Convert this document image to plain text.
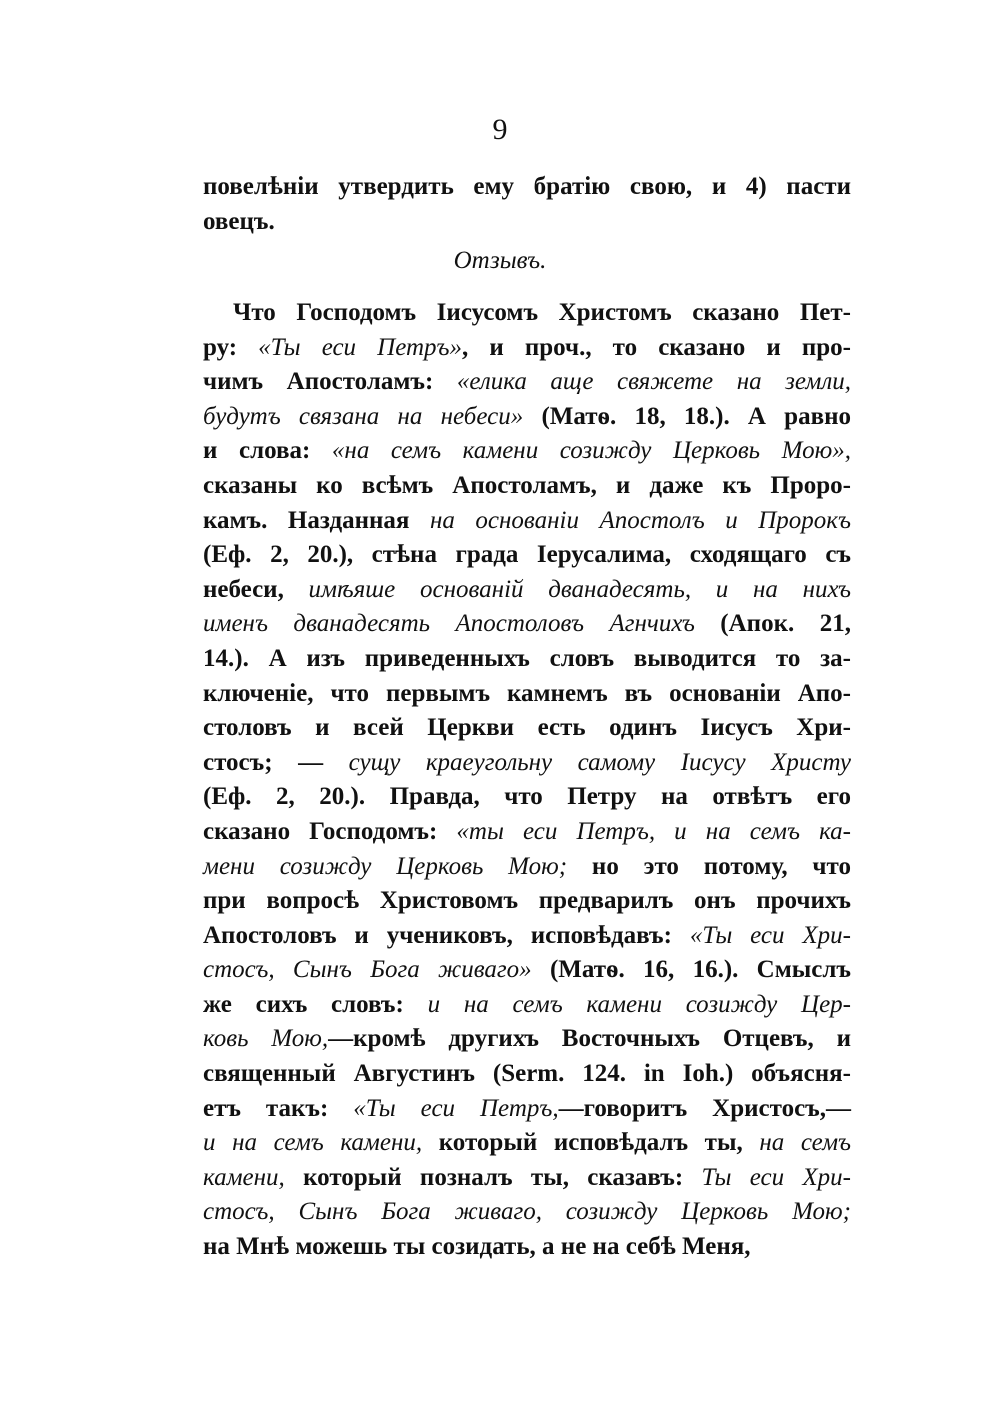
9
повелѣніи утвердить ему братію свою, и 4) пасти
овецъ.
Отзывъ.
Что Господомъ Іисусомъ Христомъ сказано Пет-
ру: «Ты еси Петръ», и проч., то сказано и про-
чимъ Апостоламъ: «елика аще свяжете на земли,
будутъ связана на небеси» (Матѳ. 18, 18.). А равно
и слова: «на семъ камени созижду Церковь Мою»,
сказаны ко всѣмъ Апостоламъ, и даже къ Проро-
камъ. Назданная на основаніи Апостолъ и Пророкъ
(Еф. 2, 20.), стѣна града Іерусалима, сходящаго съ
небеси, имѣяше основаній дванадесять, и на нихъ
именъ дванадесять Апостоловъ Агнчихъ (Апок. 21,
14.). А изъ приведенныхъ словъ выводится то за-
ключеніе, что первымъ камнемъ въ основаніи Апо-
столовъ и всей Церкви есть одинъ Іисусъ Хри-
стосъ; — сущу краеугольну самому Іисусу Христу
(Еф. 2, 20.). Правда, что Петру на отвѣтъ его
сказано Господомъ: «ты еси Петръ, и на семъ ка-
мени созижду Церковь Мою; но это потому, что
при вопросѣ Христовомъ предварилъ онъ прочихъ
Апостоловъ и учениковъ, исповѣдавъ: «Ты еси Хри-
стосъ, Сынъ Бога живаго» (Матѳ. 16, 16.). Смыслъ
же сихъ словъ: и на семъ камени созижду Цер-
ковь Мою,—кромѣ другихъ Восточныхъ Отцевъ, и
священный Августинъ (Serm. 124. in Ioh.) объясня-
етъ такъ: «Ты еси Петръ,—говоритъ Христосъ,—
и на семъ камени, который исповѣдалъ ты, на семъ
камени, который позналъ ты, сказавъ: Ты еси Хри-
стосъ, Сынъ Бога живаго, созижду Церковь Мою;
на Мнѣ можешь ты созидать, а не на себѣ Меня,
